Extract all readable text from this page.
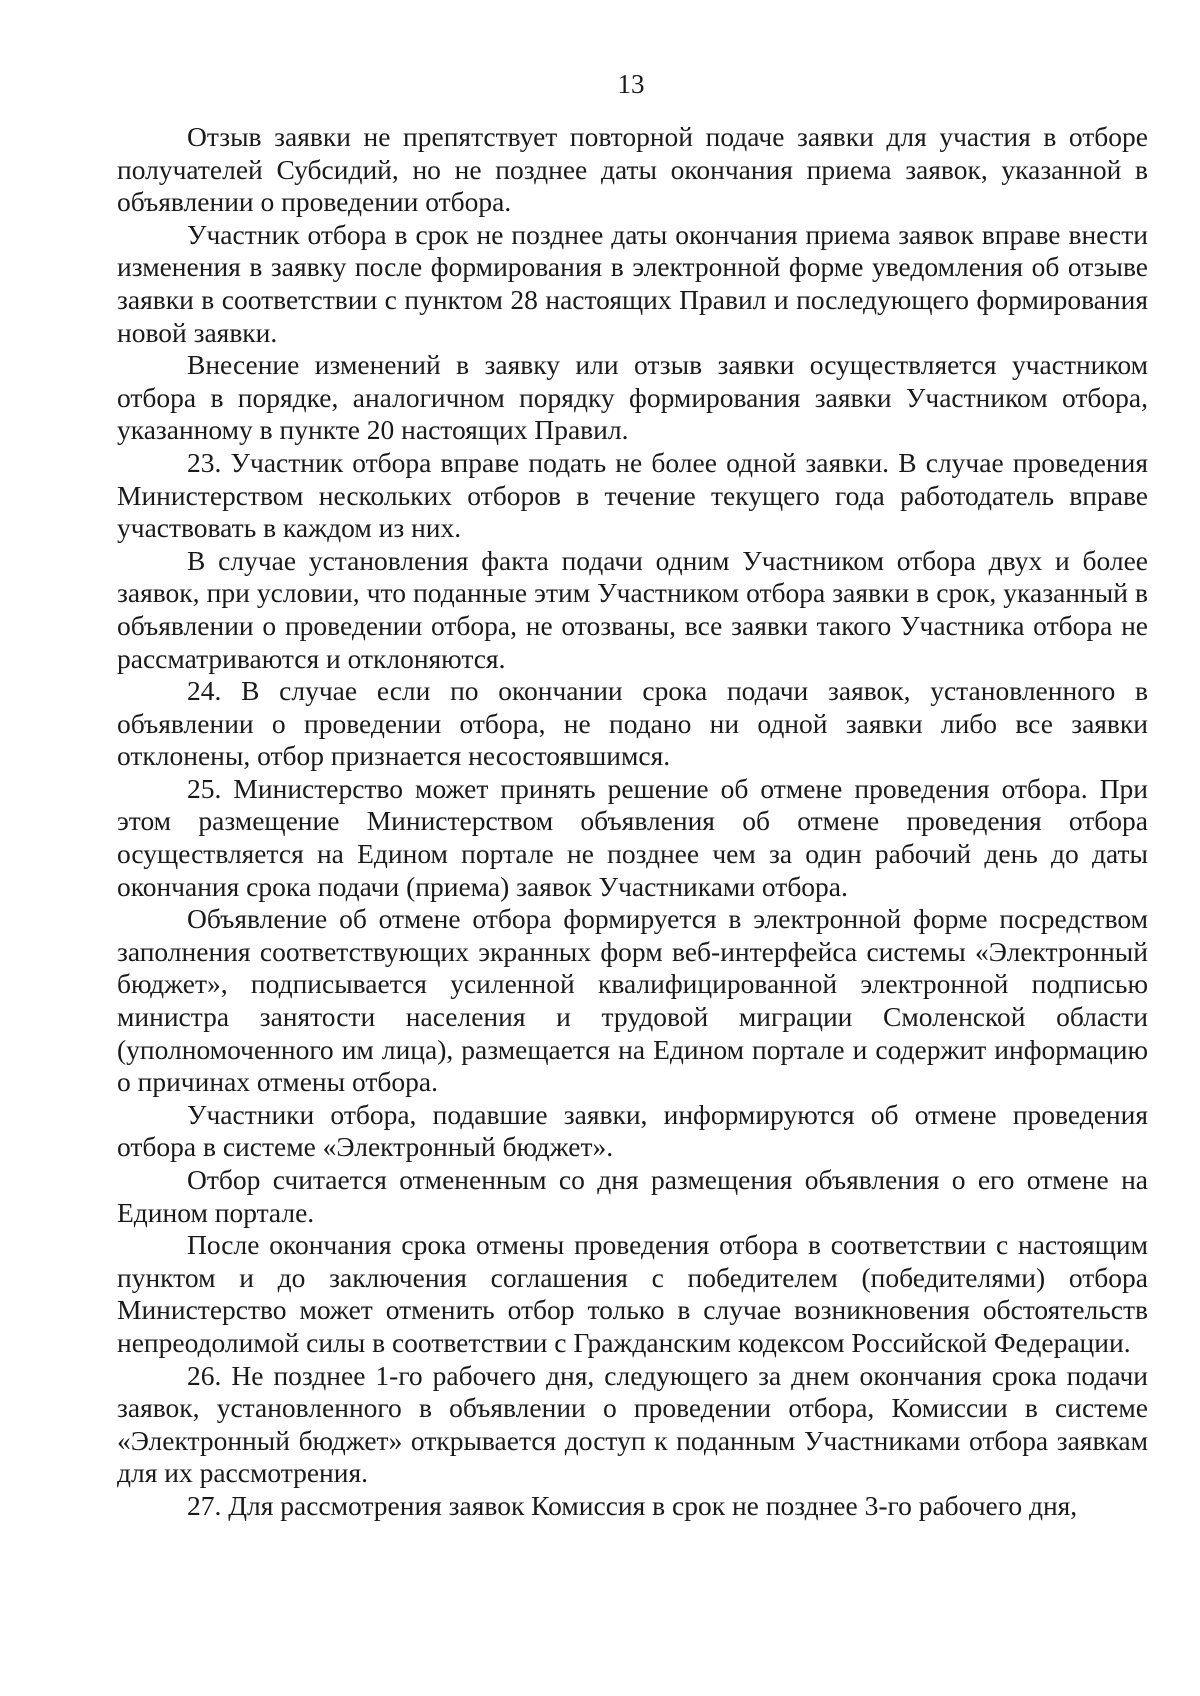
13

Отзыв заявки не препятствует повторной подаче заявки для участия в отборе получателей Субсидий, но не позднее даты окончания приема заявок, указанной в объявлении о проведении отбора.

Участник отбора в срок не позднее даты окончания приема заявок вправе внести изменения в заявку после формирования в электронной форме уведомления об отзыве заявки в соответствии с пунктом 28 настоящих Правил и последующего формирования новой заявки.

Внесение изменений в заявку или отзыв заявки осуществляется участником отбора в порядке, аналогичном порядку формирования заявки Участником отбора, указанному в пункте 20 настоящих Правил.

23. Участник отбора вправе подать не более одной заявки. В случае проведения Министерством нескольких отборов в течение текущего года работодатель вправе участвовать в каждом из них.

В случае установления факта подачи одним Участником отбора двух и более заявок, при условии, что поданные этим Участником отбора заявки в срок, указанный в объявлении о проведении отбора, не отозваны, все заявки такого Участника отбора не рассматриваются и отклоняются.

24. В случае если по окончании срока подачи заявок, установленного в объявлении о проведении отбора, не подано ни одной заявки либо все заявки отклонены, отбор признается несостоявшимся.

25. Министерство может принять решение об отмене проведения отбора. При этом размещение Министерством объявления об отмене проведения отбора осуществляется на Едином портале не позднее чем за один рабочий день до даты окончания срока подачи (приема) заявок Участниками отбора.

Объявление об отмене отбора формируется в электронной форме посредством заполнения соответствующих экранных форм веб-интерфейса системы «Электронный бюджет», подписывается усиленной квалифицированной электронной подписью министра занятости населения и трудовой миграции Смоленской области (уполномоченного им лица), размещается на Едином портале и содержит информацию о причинах отмены отбора.

Участники отбора, подавшие заявки, информируются об отмене проведения отбора в системе «Электронный бюджет».

Отбор считается отмененным со дня размещения объявления о его отмене на Едином портале.

После окончания срока отмены проведения отбора в соответствии с настоящим пунктом и до заключения соглашения с победителем (победителями) отбора Министерство может отменить отбор только в случае возникновения обстоятельств непреодолимой силы в соответствии с Гражданским кодексом Российской Федерации.

26. Не позднее 1-го рабочего дня, следующего за днем окончания срока подачи заявок, установленного в объявлении о проведении отбора, Комиссии в системе «Электронный бюджет» открывается доступ к поданным Участниками отбора заявкам для их рассмотрения.

27. Для рассмотрения заявок Комиссия в срок не позднее 3-го рабочего дня,
